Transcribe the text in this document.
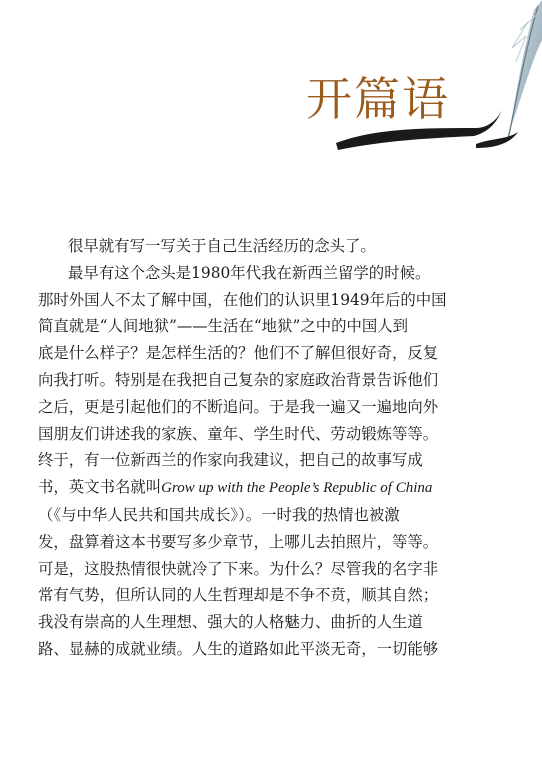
开篇语

很早就有写一写关于自己生活经历的念头了。

最早有这个念头是1980年代我在新西兰留学的时候。
那时外国人不太了解中国，在他们的认识里1949年后的中国
简直就是“人间地狱”——生活在“地狱”之中的中国人到
底是什么样子？是怎样生活的？他们不了解但很好奇，反复
向我打听。特别是在我把自己复杂的家庭政治背景告诉他们
之后，更是引起他们的不断追问。于是我一遍又一遍地向外
国朋友们讲述我的家族、童年、学生时代、劳动锻炼等等。
终于，有一位新西兰的作家向我建议，把自己的故事写成
书，英文书名就叫Grow up with the People’s Republic of China
（《与中华人民共和国共成长》）。一时我的热情也被激
发，盘算着这本书要写多少章节，上哪儿去拍照片，等等。
可是，这股热情很快就冷了下来。为什么？尽管我的名字非
常有气势，但所认同的人生哲理却是不争不贲，顺其自然；
我没有崇高的人生理想、强大的人格魅力、曲折的人生道
路、显赫的成就业绩。人生的道路如此平淡无奇，一切能够
